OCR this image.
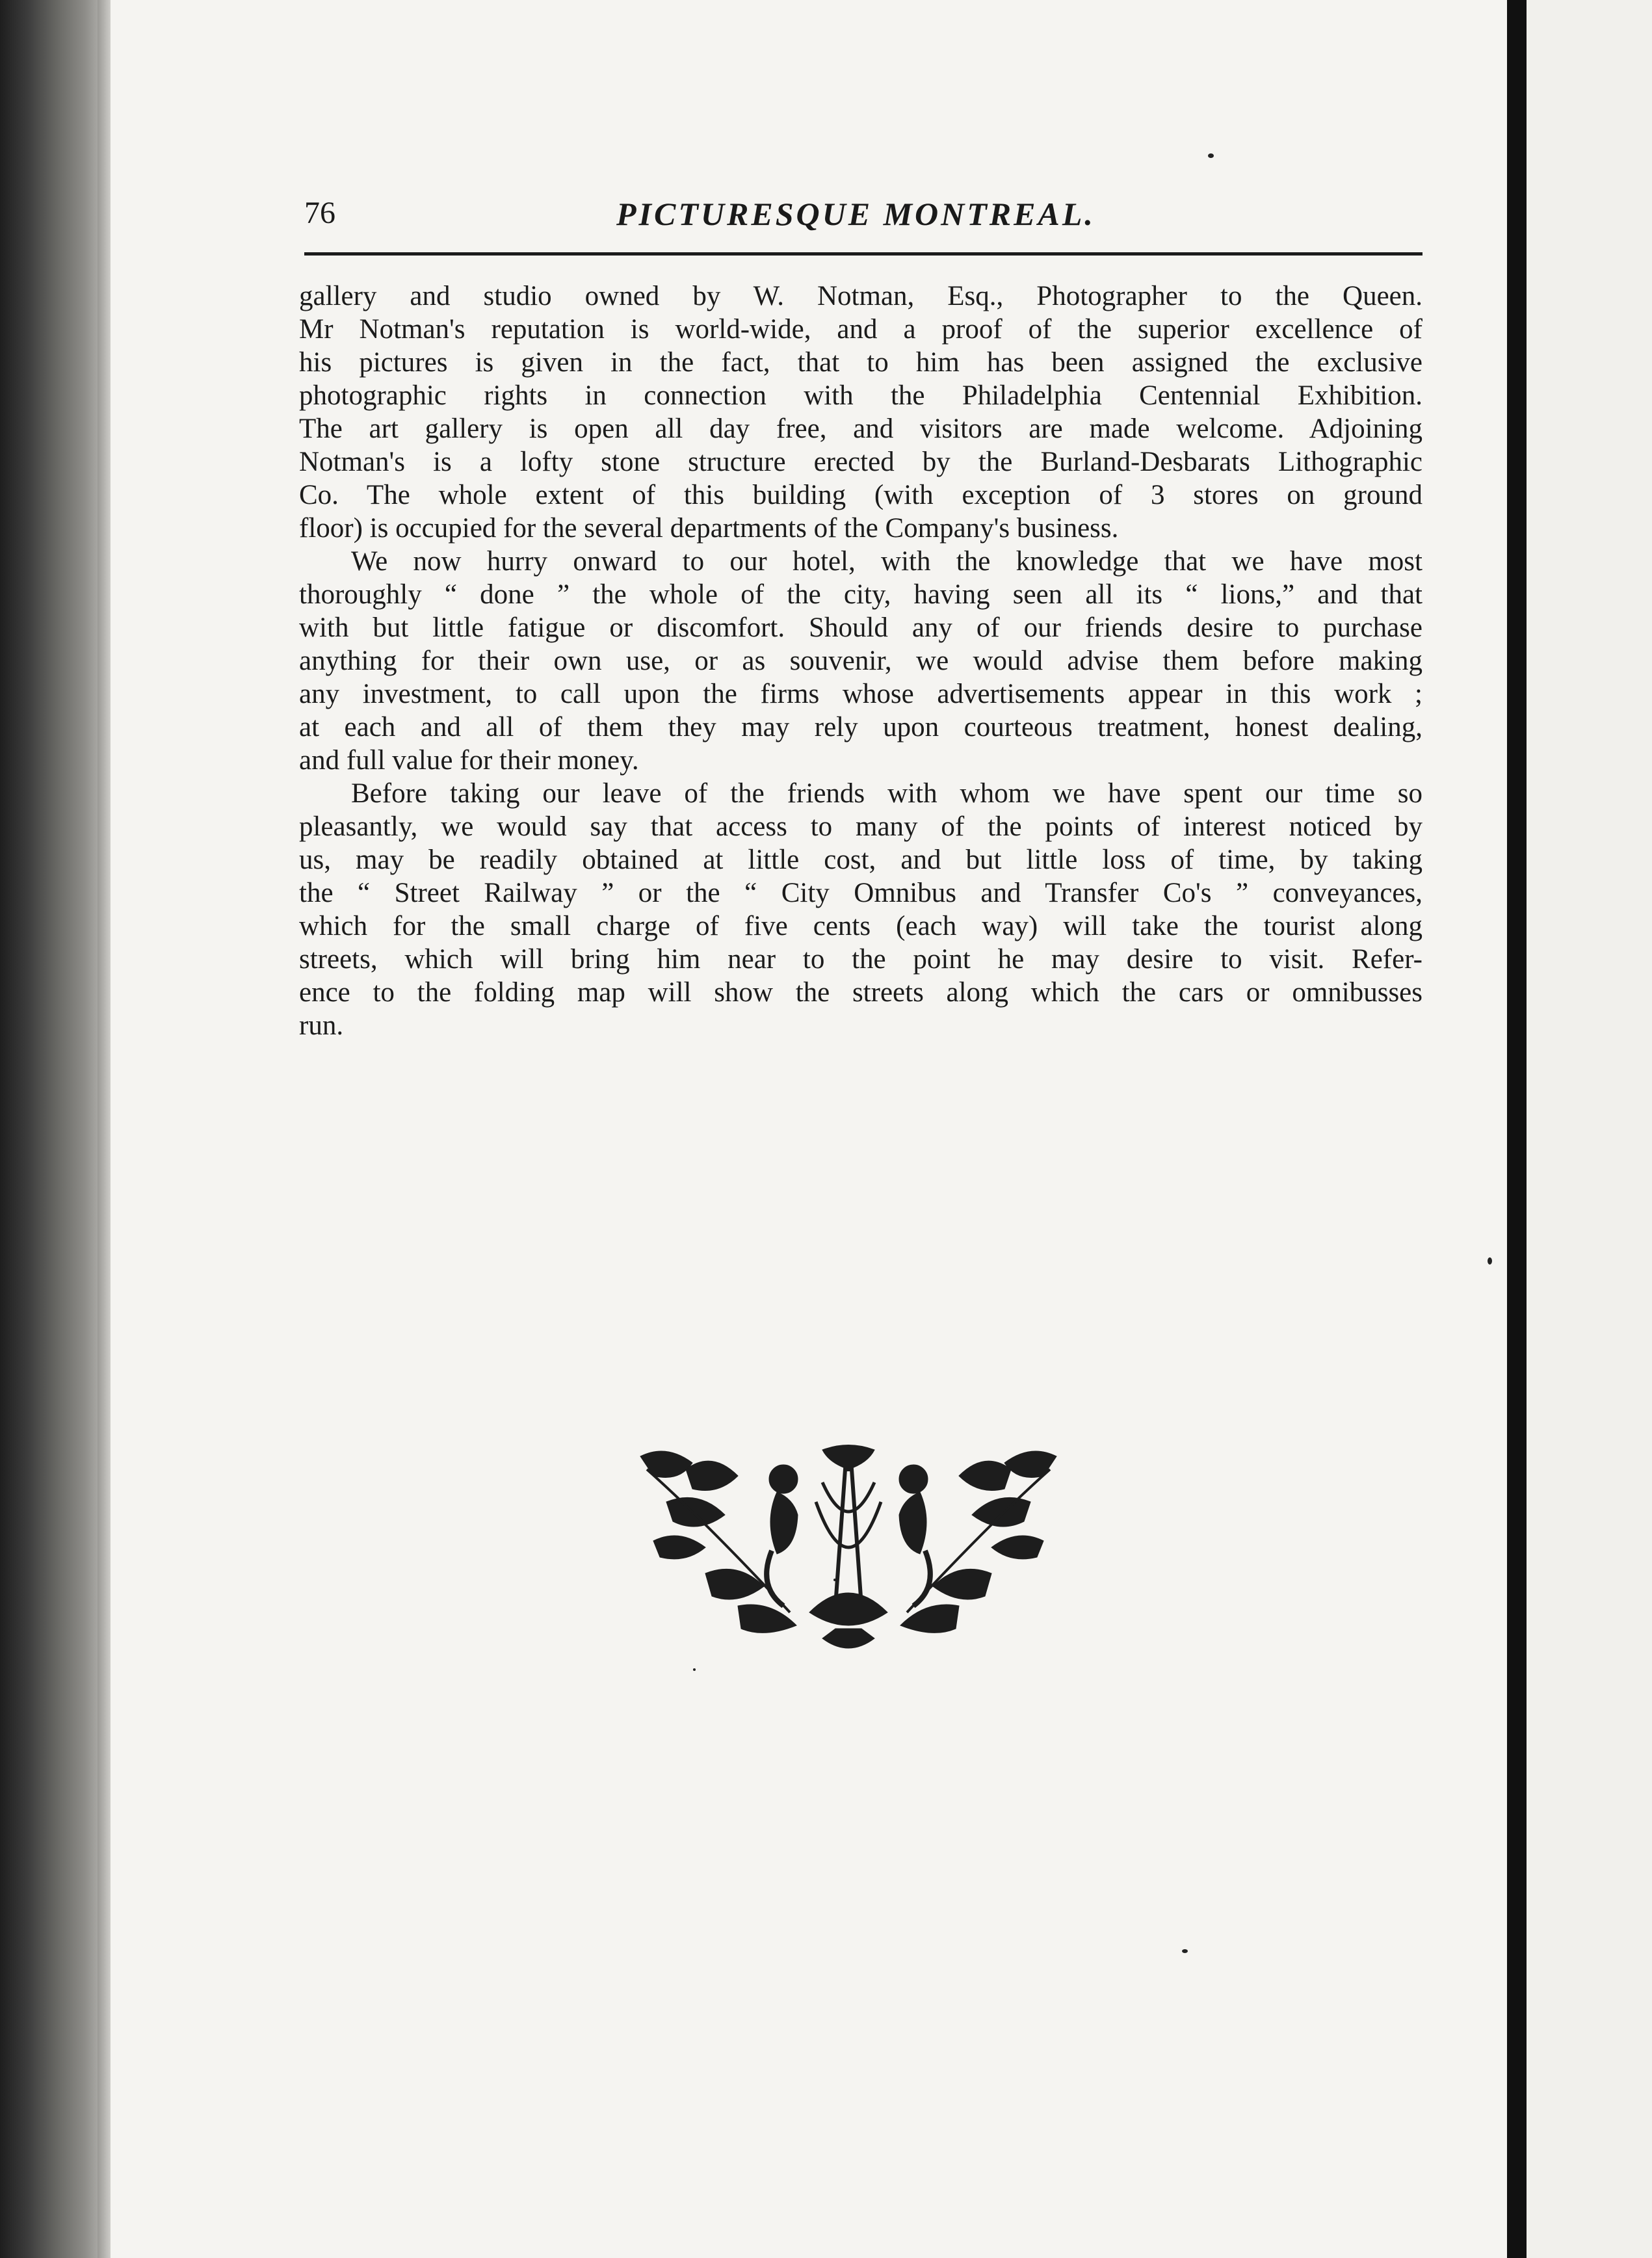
76	PICTURESQUE MONTREAL.
gallery and studio owned by W. Notman, Esq., Photographer to the Queen.
Mr Notman's reputation is world-wide, and a proof of the superior excellence of
his pictures is given in the fact, that to him has been assigned the exclusive
photographic rights in connection with the Philadelphia Centennial Exhibition.
The art gallery is open all day free, and visitors are made welcome. Adjoining
Notman's is a lofty stone structure erected by the Burland-Desbarats Lithographic
Co. The whole extent of this building (with exception of 3 stores on ground
floor) is occupied for the several departments of the Company's business.
We now hurry onward to our hotel, with the knowledge that we have most
thoroughly “ done ” the whole of the city, having seen all its “ lions,” and that
with but little fatigue or discomfort. Should any of our friends desire to purchase
anything for their own use, or as souvenir, we would advise them before making
any investment, to call upon the firms whose advertisements appear in this work ;
at each and all of them they may rely upon courteous treatment, honest dealing,
and full value for their money.
Before taking our leave of the friends with whom we have spent our time so
pleasantly, we would say that access to many of the points of interest noticed by
us, may be readily obtained at little cost, and but little loss of time, by taking
the “ Street Railway ” or the “ City Omnibus and Transfer Co's ” conveyances,
which for the small charge of five cents (each way) will take the tourist along
streets, which will bring him near to the point he may desire to visit. Refer-
ence to the folding map will show the streets along which the cars or omnibusses
run.
